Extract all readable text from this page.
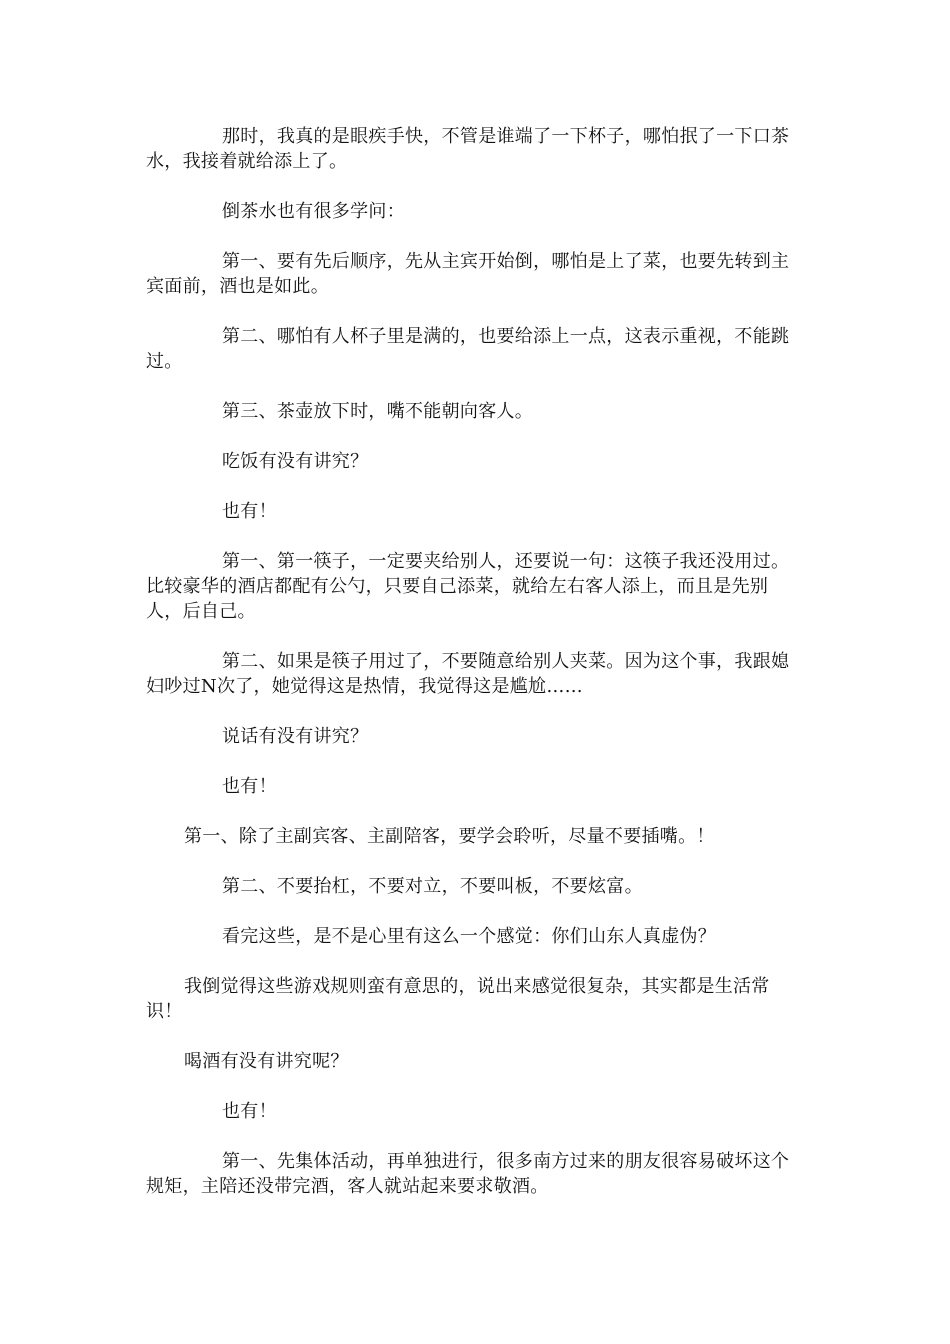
那时，我真的是眼疾手快，不管是谁端了一下杯子，哪怕抿了一下口茶水，我接着就给添上了。

倒茶水也有很多学问：

第一、要有先后顺序，先从主宾开始倒，哪怕是上了菜，也要先转到主宾面前，酒也是如此。

第二、哪怕有人杯子里是满的，也要给添上一点，这表示重视，不能跳过。

第三、茶壶放下时，嘴不能朝向客人。

吃饭有没有讲究？

也有！

第一、第一筷子，一定要夹给别人，还要说一句：这筷子我还没用过。比较豪华的酒店都配有公勺，只要自己添菜，就给左右客人添上，而且是先别人，后自己。

第二、如果是筷子用过了，不要随意给别人夹菜。因为这个事，我跟媳妇吵过N次了，她觉得这是热情，我觉得这是尴尬……

说话有没有讲究？

也有！

第一、除了主副宾客、主副陪客，要学会聆听，尽量不要插嘴。！

第二、不要抬杠，不要对立，不要叫板，不要炫富。

看完这些，是不是心里有这么一个感觉：你们山东人真虚伪？

我倒觉得这些游戏规则蛮有意思的，说出来感觉很复杂，其实都是生活常识！

喝酒有没有讲究呢？

也有！

第一、先集体活动，再单独进行，很多南方过来的朋友很容易破坏这个规矩，主陪还没带完酒，客人就站起来要求敬酒。
